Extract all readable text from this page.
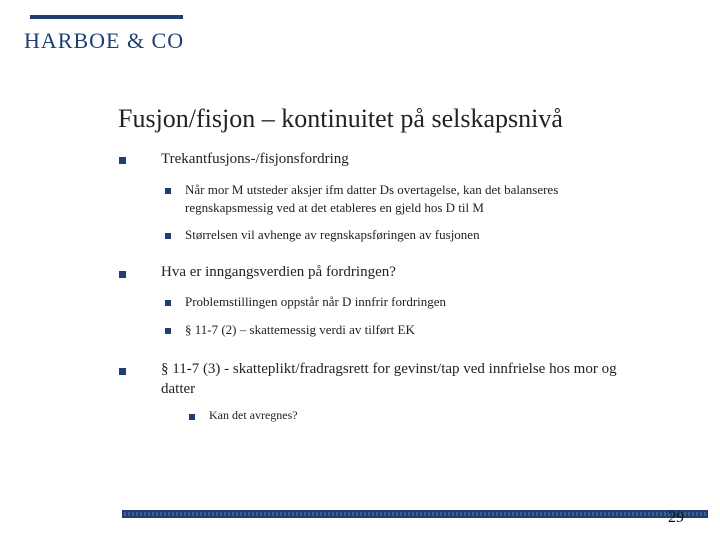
HARBOE & CO
Fusjon/fisjon – kontinuitet på selskapsnivå
Trekantfusjons-/fisjonsfordring
Når mor M utsteder aksjer ifm datter Ds overtagelse, kan det balanseres
regnskapsmessig ved at det etableres en gjeld hos D til M
Størrelsen vil avhenge av regnskapsføringen av fusjonen
Hva er inngangsverdien på fordringen?
Problemstillingen oppstår når D innfrir fordringen
§ 11-7 (2) – skattemessig verdi av tilført EK
§ 11-7 (3) - skatteplikt/fradragsrett for gevinst/tap ved innfrielse hos mor og
datter
Kan det avregnes?
29
